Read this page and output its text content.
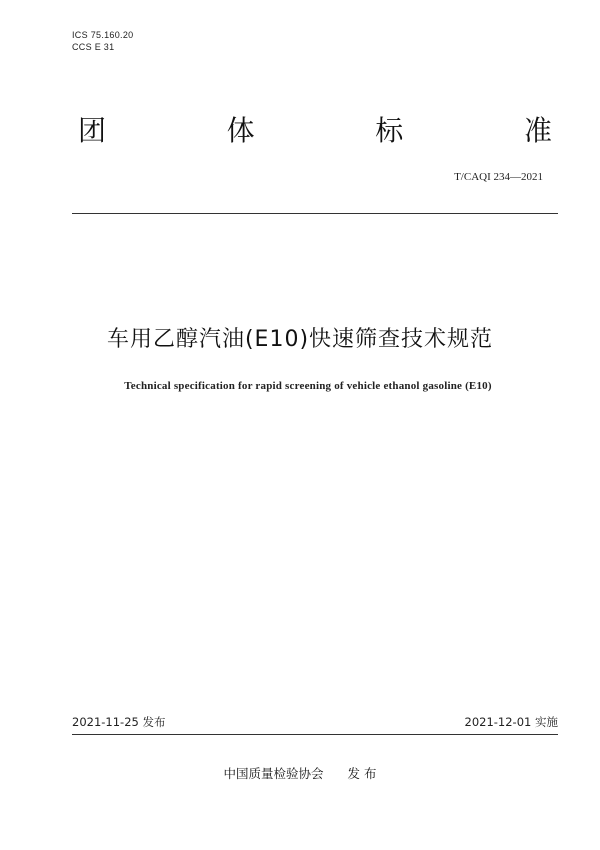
ICS 75.160.20
CCS E 31
团	体	标	准
T/CAQI 234—2021
车用乙醇汽油(E10)快速筛查技术规范
Technical specification for rapid screening of vehicle ethanol gasoline (E10)
2021-11-25 发布	2021-12-01 实施
中国质量检验协会 发 布
